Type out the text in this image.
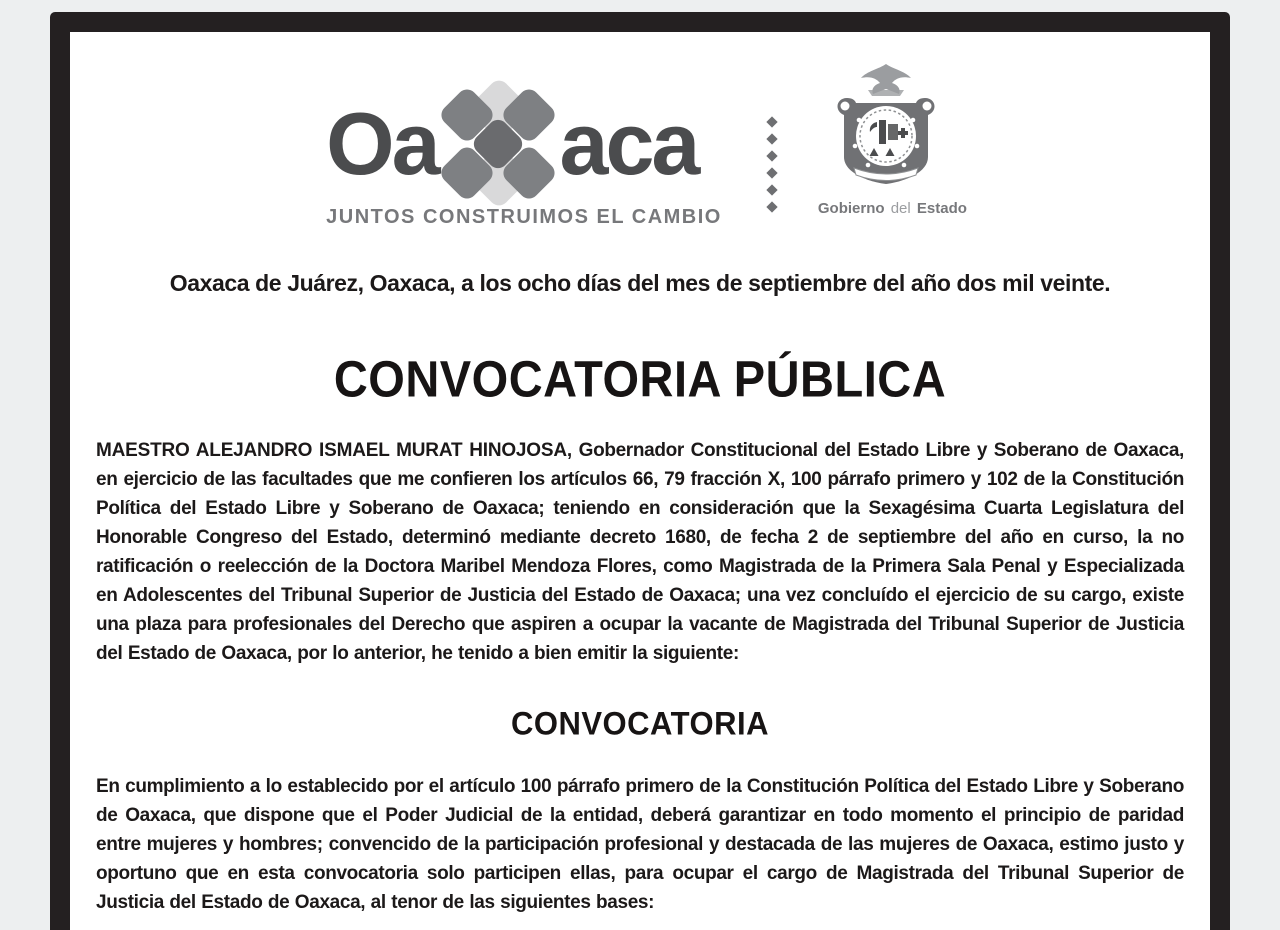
Oa aca
JUNTOS CONSTRUIMOS EL CAMBIO	Gobierno del Estado
Oaxaca de Juárez, Oaxaca, a los ocho días del mes de septiembre del año dos mil veinte.
CONVOCATORIA PÚBLICA

MAESTRO ALEJANDRO ISMAEL MURAT HINOJOSA, Gobernador Constitucional del Estado Libre y Soberano de Oaxaca, en ejercicio de las facultades que me confieren los artículos 66, 79 fracción X, 100 párrafo primero y 102 de la Constitución Política del Estado Libre y Soberano de Oaxaca; teniendo en consideración que la Sexagésima Cuarta Legislatura del Honorable Congreso del Estado, determinó mediante decreto 1680, de fecha 2 de septiembre del año en curso, la no ratificación o reelección de la Doctora Maribel Mendoza Flores, como Magistrada de la Primera Sala Penal y Especializada en Adolescentes del Tribunal Superior de Justicia del Estado de Oaxaca; una vez concluído el ejercicio de su cargo, existe una plaza para profesionales del Derecho que aspiren a ocupar la vacante de Magistrada del Tribunal Superior de Justicia del Estado de Oaxaca, por lo anterior, he tenido a bien emitir la siguiente:

CONVOCATORIA

En cumplimiento a lo establecido por el artículo 100 párrafo primero de la Constitución Política del Estado Libre y Soberano de Oaxaca, que dispone que el Poder Judicial de la entidad, deberá garantizar en todo momento el principio de paridad entre mujeres y hombres; convencido de la participación profesional y destacada de las mujeres de Oaxaca, estimo justo y oportuno que en esta convocatoria solo participen ellas, para ocupar el cargo de Magistrada del Tribunal Superior de Justicia del Estado de Oaxaca, al tenor de las siguientes bases:
